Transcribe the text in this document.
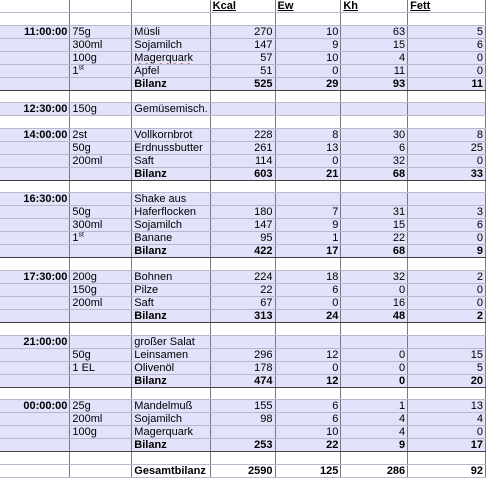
			Kcal	Ew	Kh	Fett

11:00:00	75g	Müsli	270	10	63	5
	300ml	Sojamilch	147	9	15	6
	100g	Magerquark	57	10	4	0
	1st	Apfel	51	0	11	0
		Bilanz	525	29	93	11

12:30:00	150g	Gemüsemisch.				

14:00:00	2st	Vollkornbrot	228	8	30	8
	50g	Erdnussbutter	261	13	6	25
	200ml	Saft	114	0	32	0
		Bilanz	603	21	68	33

16:30:00		Shake aus				
	50g	Haferflocken	180	7	31	3
	300ml	Sojamilch	147	9	15	6
	1st	Banane	95	1	22	0
		Bilanz	422	17	68	9

17:30:00	200g	Bohnen	224	18	32	2
	150g	Pilze	22	6	0	0
	200ml	Saft	67	0	16	0
		Bilanz	313	24	48	2

21:00:00		großer Salat				
	50g	Leinsamen	296	12	0	15
	1 EL	Olivenöl	178	0	0	5
		Bilanz	474	12	0	20

00:00:00	25g	Mandelmuß	155	6	1	13
	200ml	Sojamilch	98	6	4	4
	100g	Magerquark		10	4	0
		Bilanz	253	22	9	17

		Gesamtbilanz	2590	125	286	92
